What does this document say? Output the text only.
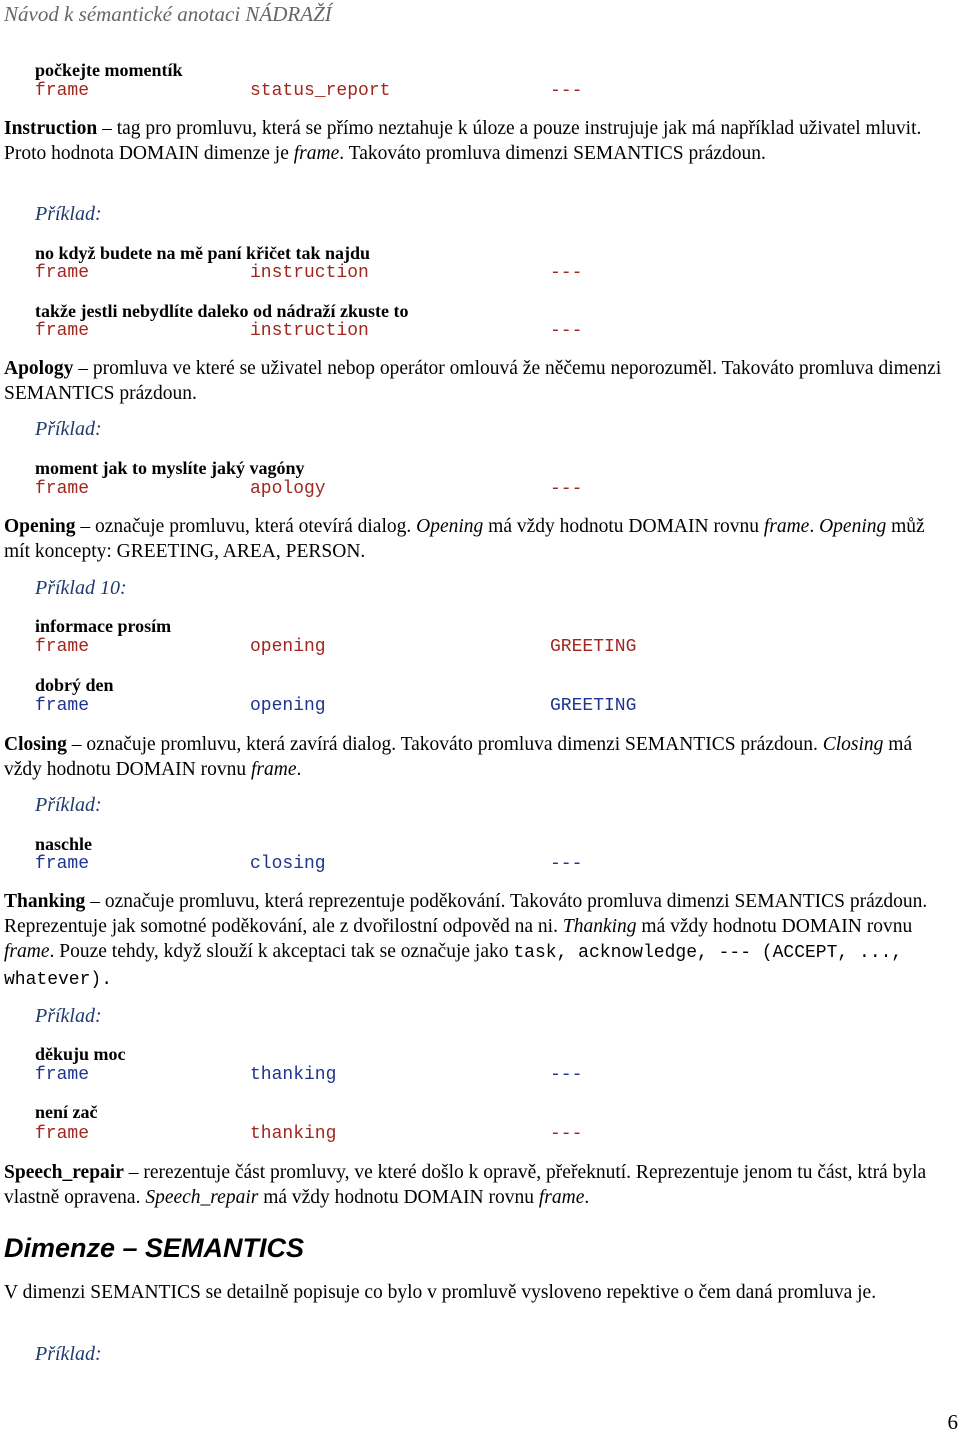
Návod k sémantické anotaci NÁDRAŽÍ
počkejte momentík
frame	status_report	---
Instruction – tag pro promluvu, která se přímo neztahuje k úloze a pouze instrujuje jak má například uživatel mluvit. Proto hodnota DOMAIN dimenze je frame. Takováto promluva dimenzi SEMANTICS prázdoun.
Příklad:
no když budete na mě paní křičet tak najdu
frame	instruction	---
takže jestli nebydlíte daleko od nádraží zkuste to
frame	instruction	---
Apology – promluva ve které se uživatel nebop operátor omlouvá že něčemu neporozuměl. Takováto promluva dimenzi SEMANTICS prázdoun.
Příklad:
moment jak to myslíte jaký vagóny
frame	apology	---
Opening – označuje promluvu, která otevírá dialog. Opening má vždy hodnotu DOMAIN rovnu frame. Opening můž mít koncepty: GREETING, AREA, PERSON.
Příklad 10:
informace prosím
frame	opening	GREETING
dobrý den
frame	opening	GREETING
Closing – označuje promluvu, která zavírá dialog. Takováto promluva dimenzi SEMANTICS prázdoun. Closing má vždy hodnotu DOMAIN rovnu frame.
Příklad:
naschle
frame	closing	---
Thanking – označuje promluvu, která reprezentuje poděkování. Takováto promluva dimenzi SEMANTICS prázdoun. Reprezentuje jak somotné poděkování, ale z dvořilostní odpověd na ni. Thanking má vždy hodnotu DOMAIN rovnu frame. Pouze tehdy, když slouží k akceptaci tak se označuje jako task, acknowledge, --- (ACCEPT, ..., whatever).
Příklad:
děkuju moc
frame	thanking	---
není zač
frame	thanking	---
Speech_repair – rerezentuje část promluvy, ve které došlo k opravě, přeřeknutí. Reprezentuje jenom tu část, ktrá byla vlastně opravena. Speech_repair má vždy hodnotu DOMAIN rovnu frame.
Dimenze – SEMANTICS
V dimenzi SEMANTICS se detailně popisuje co bylo v promluvě vysloveno repektive o čem daná promluva je.
Příklad:
6
